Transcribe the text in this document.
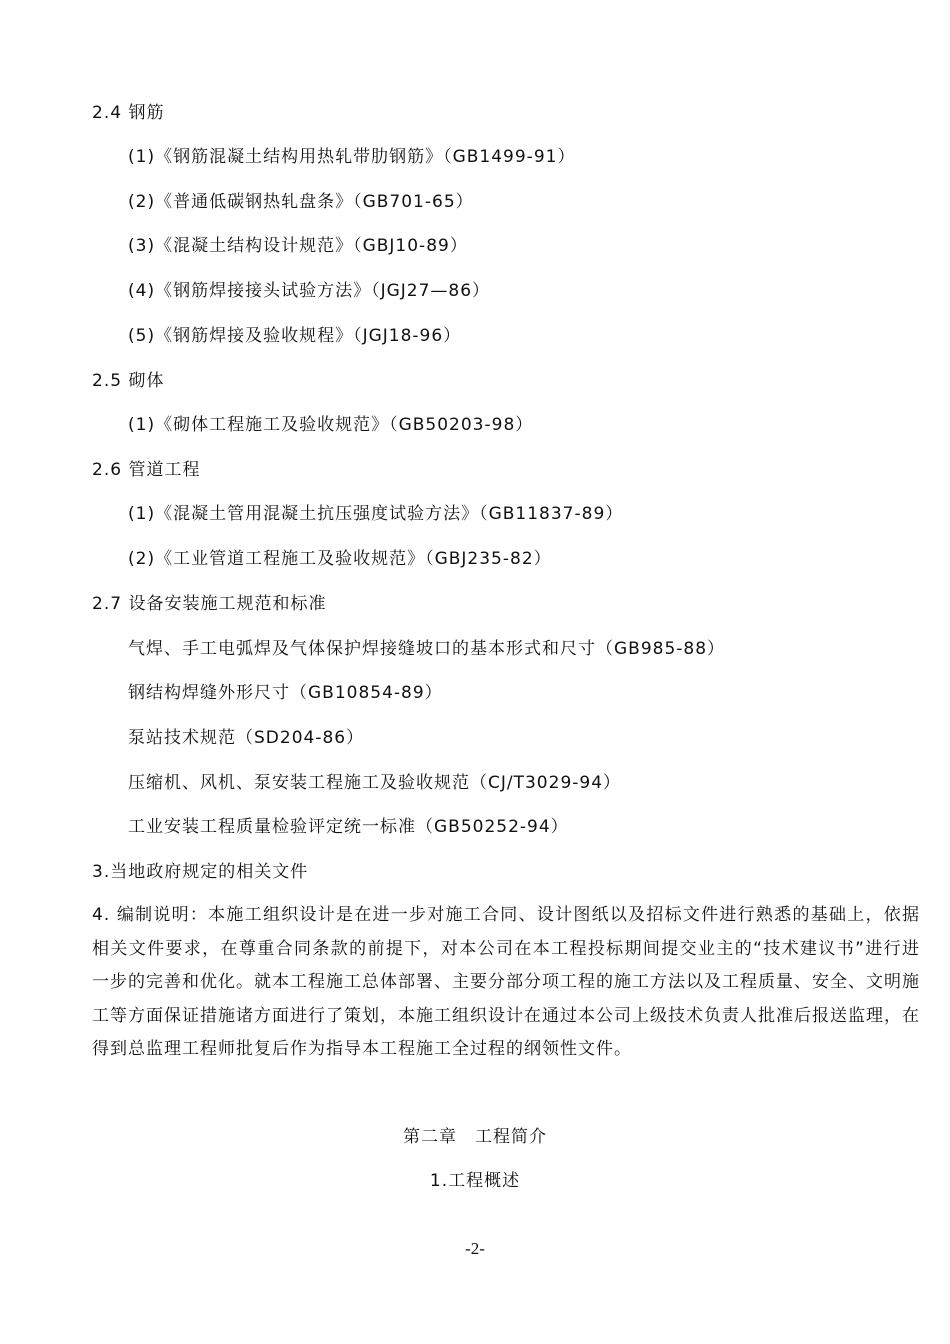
2.4 钢筋
(1)《钢筋混凝土结构用热轧带肋钢筋》（GB1499-91）
(2)《普通低碳钢热轧盘条》（GB701-65）
(3)《混凝土结构设计规范》（GBJ10-89）
(4)《钢筋焊接接头试验方法》（JGJ27—86）
(5)《钢筋焊接及验收规程》（JGJ18-96）
2.5 砌体
(1)《砌体工程施工及验收规范》（GB50203-98）
2.6 管道工程
(1)《混凝土管用混凝土抗压强度试验方法》（GB11837-89）
(2)《工业管道工程施工及验收规范》（GBJ235-82）
2.7 设备安装施工规范和标准
气焊、手工电弧焊及气体保护焊接缝坡口的基本形式和尺寸（GB985-88）
钢结构焊缝外形尺寸（GB10854-89）
泵站技术规范（SD204-86）
压缩机、风机、泵安装工程施工及验收规范（CJ/T3029-94）
工业安装工程质量检验评定统一标准（GB50252-94）
3.当地政府规定的相关文件
4. 编制说明：本施工组织设计是在进一步对施工合同、设计图纸以及招标文件进行熟悉的基础上，依据相关文件要求，在尊重合同条款的前提下，对本公司在本工程投标期间提交业主的“技术建议书”进行进一步的完善和优化。就本工程施工总体部署、主要分部分项工程的施工方法以及工程质量、安全、文明施工等方面保证措施诸方面进行了策划，本施工组织设计在通过本公司上级技术负责人批准后报送监理，在得到总监理工程师批复后作为指导本工程施工全过程的纲领性文件。
第二章　工程简介
1.工程概述
-2-
